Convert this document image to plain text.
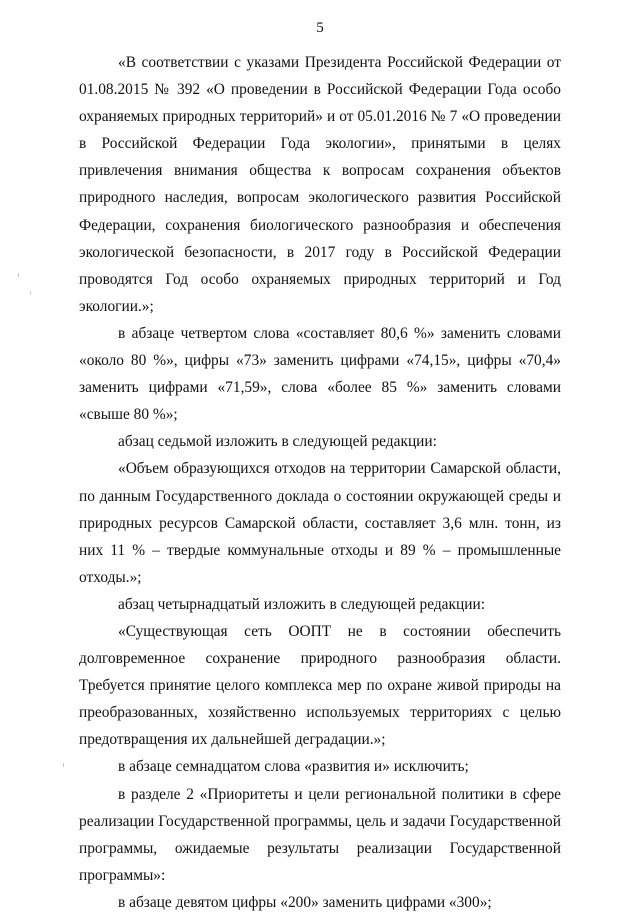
5

«В соответствии с указами Президента Российской Федерации от 01.08.2015 № 392 «О проведении в Российской Федерации Года особо охраняемых природных территорий» и от 05.01.2016 № 7 «О проведении в Российской Федерации Года экологии», принятыми в целях привлечения внимания общества к вопросам сохранения объектов природного наследия, вопросам экологического развития Российской Федерации, сохранения биологического разнообразия и обеспечения экологической безопасности, в 2017 году в Российской Федерации проводятся Год особо охраняемых природных территорий и Год экологии.»;

в абзаце четвертом слова «составляет 80,6 %» заменить словами «около 80 %», цифры «73» заменить цифрами «74,15», цифры «70,4» заменить цифрами «71,59», слова «более 85 %» заменить словами «свыше 80 %»;

абзац седьмой изложить в следующей редакции:

«Объем образующихся отходов на территории Самарской области, по данным Государственного доклада о состоянии окружающей среды и природных ресурсов Самарской области, составляет 3,6 млн. тонн, из них 11 % – твердые коммунальные отходы и 89 % – промышленные отходы.»;

абзац четырнадцатый изложить в следующей редакции:

«Существующая сеть ООПТ не в состоянии обеспечить долговременное сохранение природного разнообразия области. Требуется принятие целого комплекса мер по охране живой природы на преобразованных, хозяйственно используемых территориях с целью предотвращения их дальнейшей деградации.»;

в абзаце семнадцатом слова «развития и» исключить;

в разделе 2 «Приоритеты и цели региональной политики в сфере реализации Государственной программы, цель и задачи Государственной программы, ожидаемые результаты реализации Государственной программы»:

в абзаце девятом цифры «200» заменить цифрами «300»;
